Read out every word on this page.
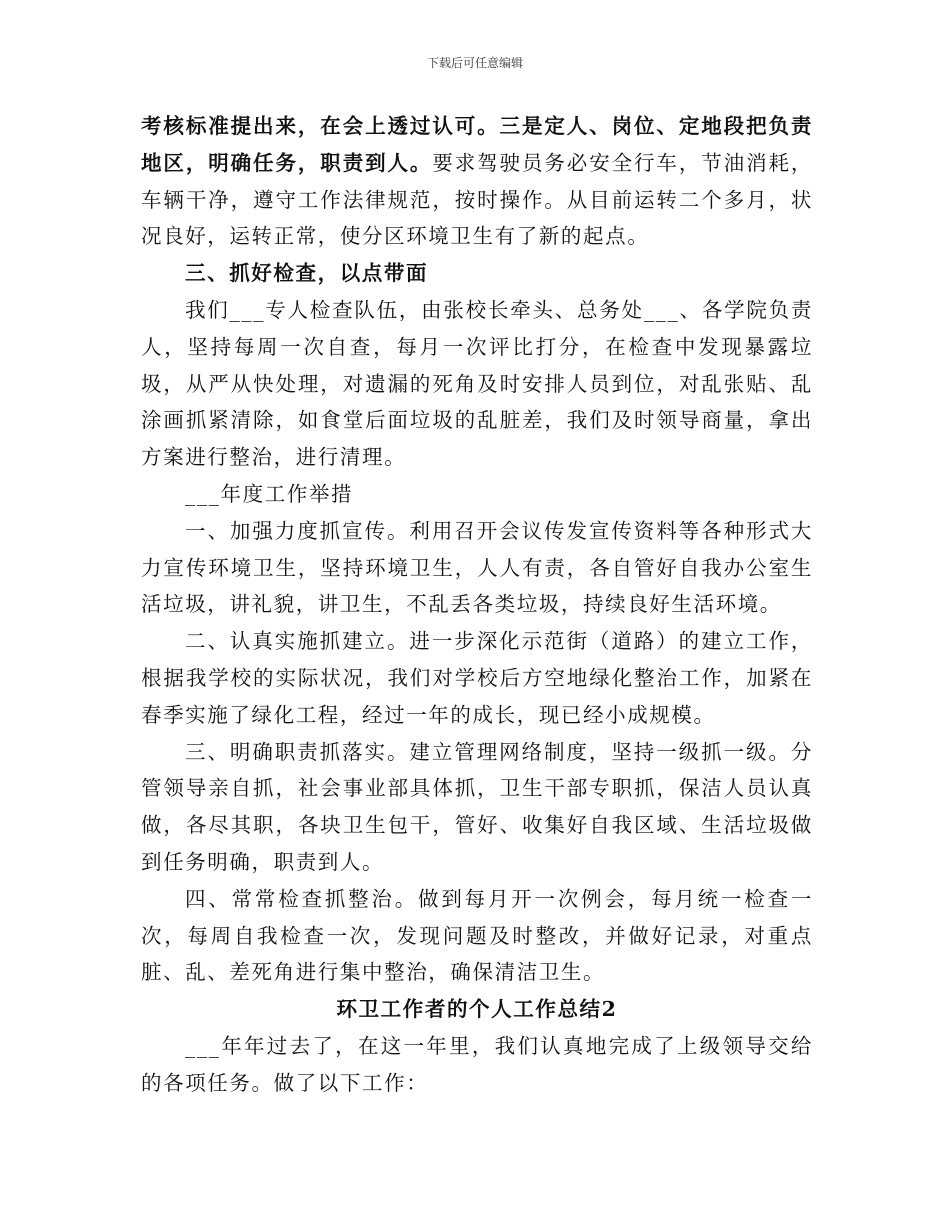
下载后可任意编辑

考核标准提出来，在会上透过认可。三是定人、岗位、定地段把负责地区，明确任务，职责到人。要求驾驶员务必安全行车，节油消耗，车辆干净，遵守工作法律规范，按时操作。从目前运转二个多月，状况良好，运转正常，使分区环境卫生有了新的起点。

三、抓好检查，以点带面

我们___专人检查队伍，由张校长牵头、总务处___、各学院负责人，坚持每周一次自查，每月一次评比打分，在检查中发现暴露垃圾，从严从快处理，对遗漏的死角及时安排人员到位，对乱张贴、乱涂画抓紧清除，如食堂后面垃圾的乱脏差，我们及时领导商量，拿出方案进行整治，进行清理。

___年度工作举措

一、加强力度抓宣传。利用召开会议传发宣传资料等各种形式大力宣传环境卫生，坚持环境卫生，人人有责，各自管好自我办公室生活垃圾，讲礼貌，讲卫生，不乱丢各类垃圾，持续良好生活环境。

二、认真实施抓建立。进一步深化示范街（道路）的建立工作，根据我学校的实际状况，我们对学校后方空地绿化整治工作，加紧在春季实施了绿化工程，经过一年的成长，现已经小成规模。

三、明确职责抓落实。建立管理网络制度，坚持一级抓一级。分管领导亲自抓，社会事业部具体抓，卫生干部专职抓，保洁人员认真做，各尽其职，各块卫生包干，管好、收集好自我区域、生活垃圾做到任务明确，职责到人。

四、常常检查抓整治。做到每月开一次例会，每月统一检查一次，每周自我检查一次，发现问题及时整改，并做好记录，对重点脏、乱、差死角进行集中整治，确保清洁卫生。

环卫工作者的个人工作总结2

___年年过去了，在这一年里，我们认真地完成了上级领导交给的各项任务。做了以下工作：
